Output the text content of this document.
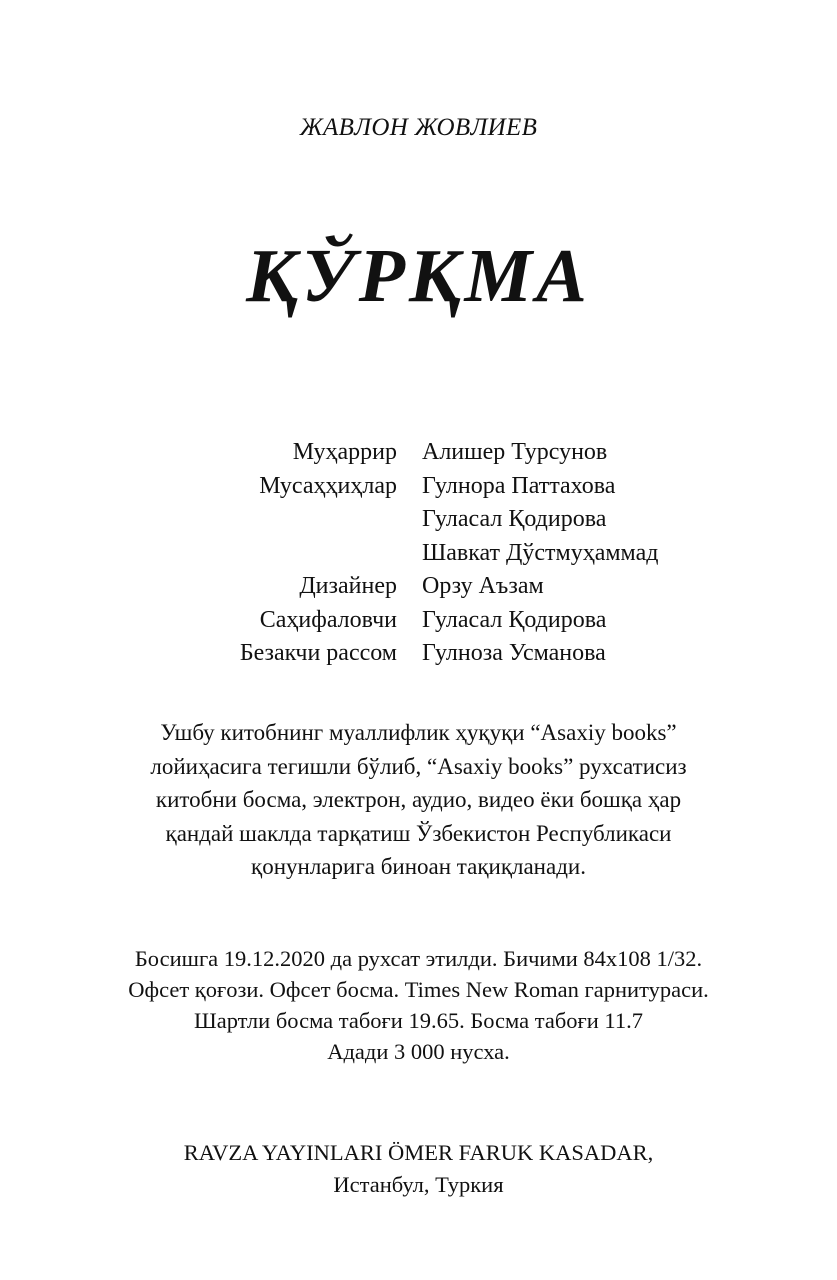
ЖАВЛОН ЖОВЛИЕВ
ҚЎРҚМА
Муҳаррир Алишер Турсунов
Мусаҳҳиҳлар Гулнора Паттахова
Гуласал Қодирова
Шавкат Дўстмуҳаммад
Дизайнер Орзу Аъзам
Саҳифаловчи Гуласал Қодирова
Безакчи рассом Гулноза Усманова
Ушбу китобнинг муаллифлик ҳуқуқи “Asaxiy books”
лойиҳасига тегишли бўлиб, “Asaxiy books” рухсатисиз
китобни босма, электрон, аудио, видео ёки бошқа ҳар
қандай шаклда тарқатиш Ўзбекистон Республикаси
қонунларига биноан тақиқланади.
Босишга 19.12.2020 да рухсат этилди. Бичими 84х108 1/32.
Офсет қоғози. Офсет босма. Times New Roman гарнитураси.
Шартли босма табоғи 19.65. Босма табоғи 11.7
Адади 3 000 нусха.
RAVZA YAYINLARI ÖMER FARUK KASADAR,
Истанбул, Туркия
